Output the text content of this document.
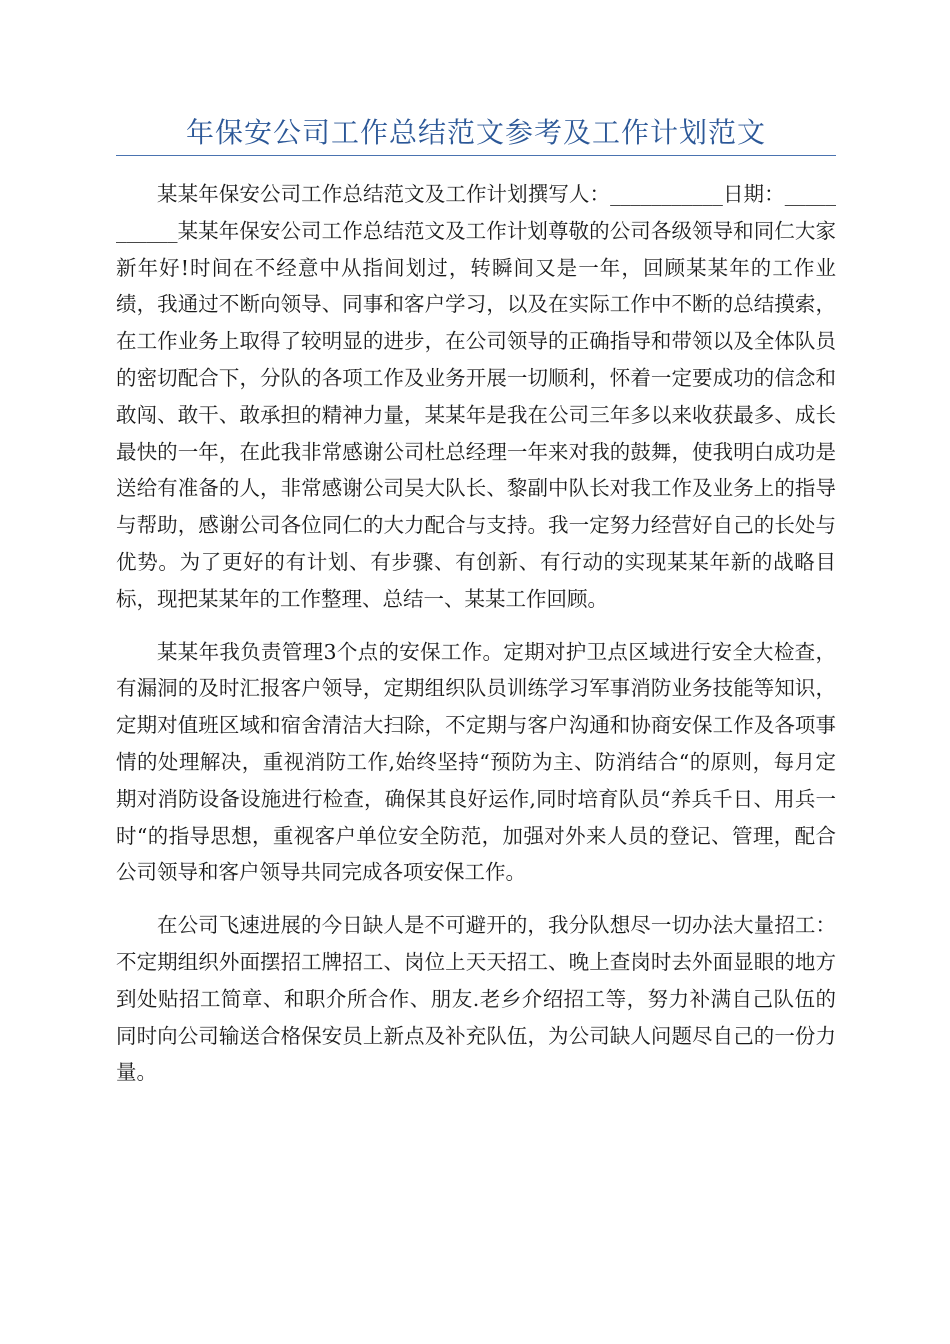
年保安公司工作总结范文参考及工作计划范文

某某年保安公司工作总结范文及工作计划撰写人：___________日期：___________某某年保安公司工作总结范文及工作计划尊敬的公司各级领导和同仁大家新年好!时间在不经意中从指间划过，转瞬间又是一年，回顾某某年的工作业绩，我通过不断向领导、同事和客户学习，以及在实际工作中不断的总结摸索，在工作业务上取得了较明显的进步，在公司领导的正确指导和带领以及全体队员的密切配合下，分队的各项工作及业务开展一切顺利，怀着一定要成功的信念和敢闯、敢干、敢承担的精神力量，某某年是我在公司三年多以来收获最多、成长最快的一年，在此我非常感谢公司杜总经理一年来对我的鼓舞，使我明白成功是送给有准备的人，非常感谢公司吴大队长、黎副中队长对我工作及业务上的指导与帮助，感谢公司各位同仁的大力配合与支持。我一定努力经营好自己的长处与优势。为了更好的有计划、有步骤、有创新、有行动的实现某某年新的战略目标，现把某某年的工作整理、总结一、某某工作回顾。

某某年我负责管理3个点的安保工作。定期对护卫点区域进行安全大检查，有漏洞的及时汇报客户领导，定期组织队员训练学习军事消防业务技能等知识，定期对值班区域和宿舍清洁大扫除，不定期与客户沟通和协商安保工作及各项事情的处理解决，重视消防工作,始终坚持“预防为主、防消结合“的原则，每月定期对消防设备设施进行检查，确保其良好运作,同时培育队员“养兵千日、用兵一时“的指导思想，重视客户单位安全防范，加强对外来人员的登记、管理，配合公司领导和客户领导共同完成各项安保工作。

在公司飞速进展的今日缺人是不可避开的，我分队想尽一切办法大量招工：不定期组织外面摆招工牌招工、岗位上天天招工、晚上查岗时去外面显眼的地方到处贴招工简章、和职介所合作、朋友.老乡介绍招工等，努力补满自己队伍的同时向公司输送合格保安员上新点及补充队伍，为公司缺人问题尽自己的一份力量。
